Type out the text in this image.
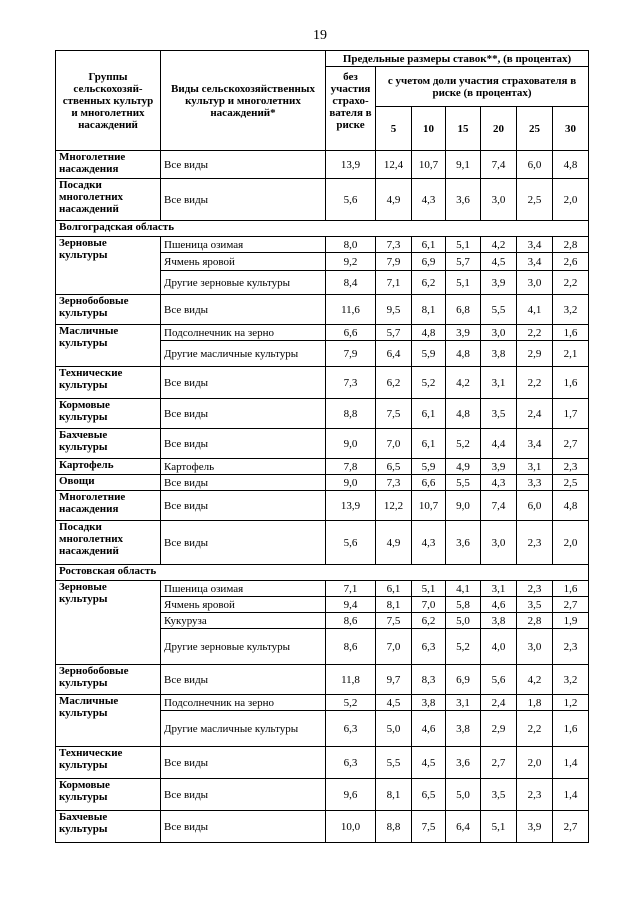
19
Группы сельскохозяй-ственных культур и многолетних насаждений	Виды сельскохозяйственных культур и многолетних насаждений*	Предельные размеры ставок**, (в процентах)						
		без участия страхо-вателя в риске	с учетом доли участия страхователя в риске (в процентах)					
			5	10	15	20	25	30
Многолетние насаждения	Все виды	13,9	12,4	10,7	9,1	7,4	6,0	4,8
Посадки многолетних насаждений	Все виды	5,6	4,9	4,3	3,6	3,0	2,5	2,0
Волгоградская область								
Зерновые культуры	Пшеница озимая	8,0	7,3	6,1	5,1	4,2	3,4	2,8
	Ячмень яровой	9,2	7,9	6,9	5,7	4,5	3,4	2,6
	Другие зерновые культуры	8,4	7,1	6,2	5,1	3,9	3,0	2,2
Зернобобовые культуры	Все виды	11,6	9,5	8,1	6,8	5,5	4,1	3,2
Масличные культуры	Подсолнечник на зерно	6,6	5,7	4,8	3,9	3,0	2,2	1,6
	Другие масличные культуры	7,9	6,4	5,9	4,8	3,8	2,9	2,1
Технические культуры	Все виды	7,3	6,2	5,2	4,2	3,1	2,2	1,6
Кормовые культуры	Все виды	8,8	7,5	6,1	4,8	3,5	2,4	1,7
Бахчевые культуры	Все виды	9,0	7,0	6,1	5,2	4,4	3,4	2,7
Картофель	Картофель	7,8	6,5	5,9	4,9	3,9	3,1	2,3
Овощи	Все виды	9,0	7,3	6,6	5,5	4,3	3,3	2,5
Многолетние насаждения	Все виды	13,9	12,2	10,7	9,0	7,4	6,0	4,8
Посадки многолетних насаждений	Все виды	5,6	4,9	4,3	3,6	3,0	2,3	2,0
Ростовская область								
Зерновые культуры	Пшеница озимая	7,1	6,1	5,1	4,1	3,1	2,3	1,6
	Ячмень яровой	9,4	8,1	7,0	5,8	4,6	3,5	2,7
	Кукуруза	8,6	7,5	6,2	5,0	3,8	2,8	1,9
	Другие зерновые культуры	8,6	7,0	6,3	5,2	4,0	3,0	2,3
Зернобобовые культуры	Все виды	11,8	9,7	8,3	6,9	5,6	4,2	3,2
Масличные культуры	Подсолнечник на зерно	5,2	4,5	3,8	3,1	2,4	1,8	1,2
	Другие масличные культуры	6,3	5,0	4,6	3,8	2,9	2,2	1,6
Технические культуры	Все виды	6,3	5,5	4,5	3,6	2,7	2,0	1,4
Кормовые культуры	Все виды	9,6	8,1	6,5	5,0	3,5	2,3	1,4
Бахчевые культуры	Все виды	10,0	8,8	7,5	6,4	5,1	3,9	2,7
